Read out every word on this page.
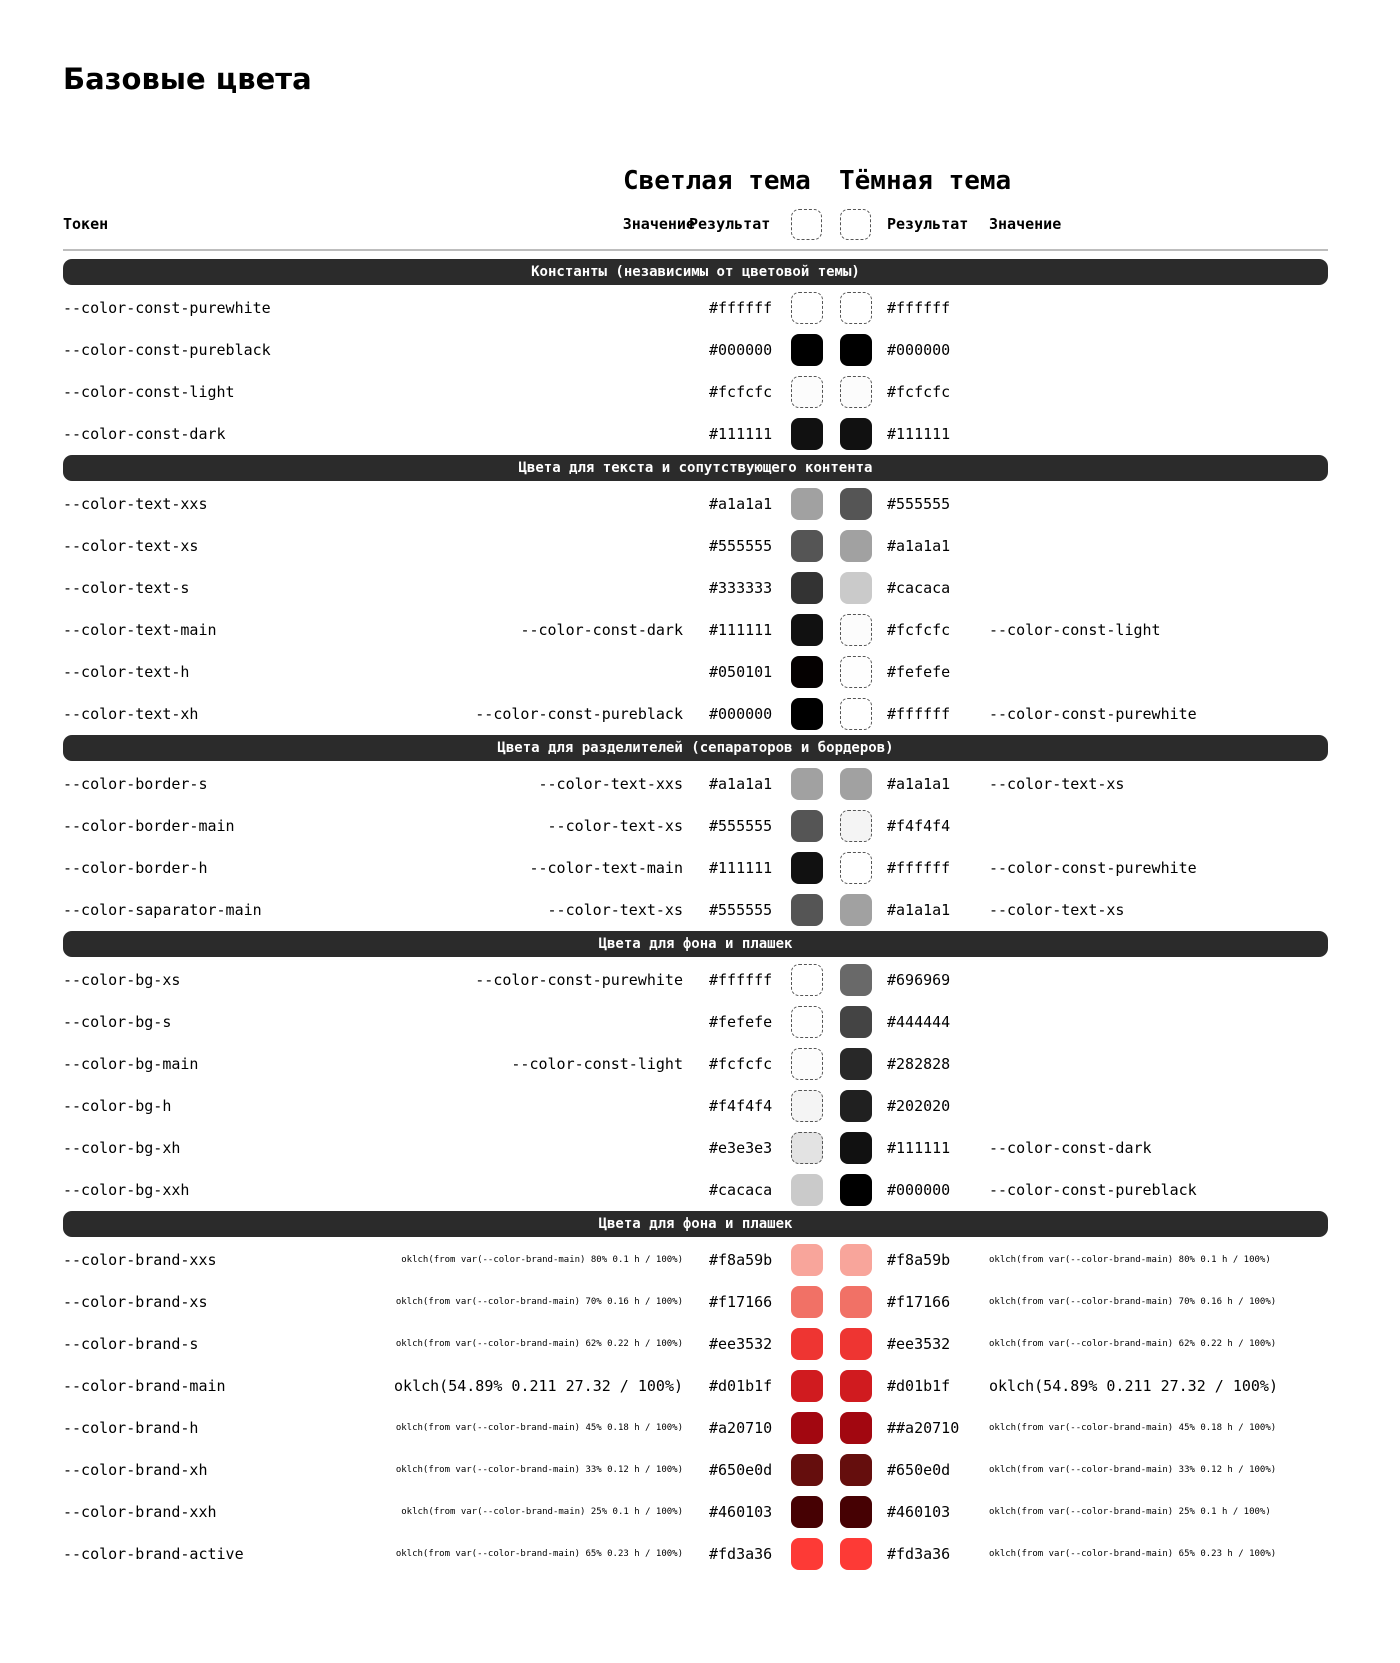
Базовые цвета
Светлая тема Тёмная тема
Токен	Значение
Результат	Результат Значение
Константы (независимы от цветовой темы)
--color-const-purewhite	#ffffff	#ffffff
--color-const-pureblack	#000000	#000000
--color-const-light	#fcfcfc	#fcfcfc
--color-const-dark	#111111	#111111
Цвета для текста и сопутствующего контента
--color-text-xxs	#a1a1a1	#555555
--color-text-xs	#555555	#a1a1a1
--color-text-s	#333333	#cacaca
--color-text-main	--color-const-dark #111111	#fcfcfc	--color-const-light
--color-text-h	#050101	#fefefe
--color-text-xh	--color-const-pureblack #000000	#ffffff	--color-const-purewhite
Цвета для разделителей (сепараторов и бордеров)
--color-border-s	--color-text-xxs #a1a1a1	#a1a1a1	--color-text-xs
--color-border-main	--color-text-xs #555555	#f4f4f4
--color-border-h	--color-text-main #111111	#ffffff	--color-const-purewhite
--color-saparator-main	--color-text-xs #555555	#a1a1a1	--color-text-xs
Цвета для фона и плашек
--color-bg-xs	--color-const-purewhite #ffffff	#696969
--color-bg-s	#fefefe	#444444
--color-bg-main	--color-const-light #fcfcfc	#282828
--color-bg-h	#f4f4f4	#202020
--color-bg-xh	#e3e3e3	#111111	--color-const-dark
--color-bg-xxh	#cacaca	#000000	--color-const-pureblack
Цвета для фона и плашек
--color-brand-xxs	oklch(from var(--color-brand-main) 80% 0.1 h / 100%) #f8a59b	#f8a59b	oklch(from var(--color-brand-main) 80% 0.1 h / 100%)
--color-brand-xs	oklch(from var(--color-brand-main) 70% 0.16 h / 100%) #f17166	#f17166	oklch(from var(--color-brand-main) 70% 0.16 h / 100%)
--color-brand-s	oklch(from var(--color-brand-main) 62% 0.22 h / 100%) #ee3532	#ee3532	oklch(from var(--color-brand-main) 62% 0.22 h / 100%)
--color-brand-main	oklch(54.89% 0.211 27.32 / 100%) #d01b1f	#d01b1f	oklch(54.89% 0.211 27.32 / 100%)
--color-brand-h	oklch(from var(--color-brand-main) 45% 0.18 h / 100%) #a20710	##a20710	oklch(from var(--color-brand-main) 45% 0.18 h / 100%)
--color-brand-xh	oklch(from var(--color-brand-main) 33% 0.12 h / 100%) #650e0d	#650e0d	oklch(from var(--color-brand-main) 33% 0.12 h / 100%)
--color-brand-xxh	oklch(from var(--color-brand-main) 25% 0.1 h / 100%) #460103	#460103	oklch(from var(--color-brand-main) 25% 0.1 h / 100%)
--color-brand-active	oklch(from var(--color-brand-main) 65% 0.23 h / 100%) #fd3a36	#fd3a36	oklch(from var(--color-brand-main) 65% 0.23 h / 100%)
